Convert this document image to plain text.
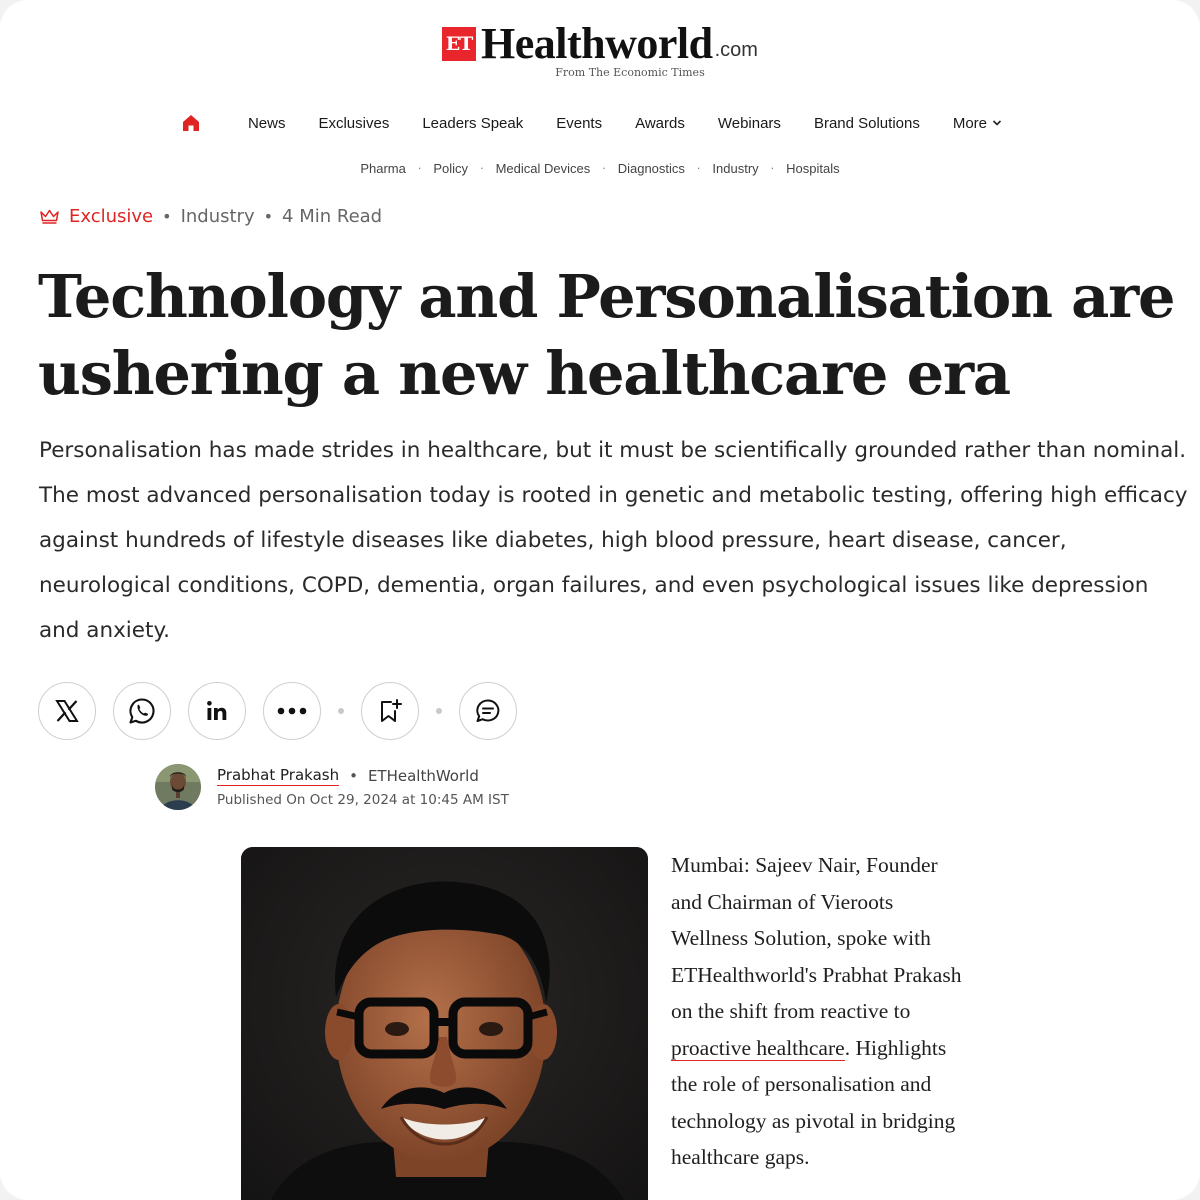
ET Healthworld .com
From The Economic Times
News Exclusives Leaders Speak Events Awards Webinars Brand Solutions More
Pharma · Policy · Medical Devices · Diagnostics · Industry · Hospitals
Exclusive • Industry • 4 Min Read
Technology and Personalisation are ushering a new healthcare era

Personalisation has made strides in healthcare, but it must be scientifically grounded rather than nominal. The most advanced personalisation today is rooted in genetic and metabolic testing, offering high efficacy against hundreds of lifestyle diseases like diabetes, high blood pressure, heart disease, cancer, neurological conditions, COPD, dementia, organ failures, and even psychological issues like depression and anxiety.

Prabhat Prakash • ETHealthWorld
Published On Oct 29, 2024 at 10:45 AM IST

Mumbai: Sajeev Nair, Founder and Chairman of Vieroots Wellness Solution, spoke with ETHealthworld's Prabhat Prakash on the shift from reactive to proactive healthcare. Highlights the role of personalisation and technology as pivotal in bridging healthcare gaps.
